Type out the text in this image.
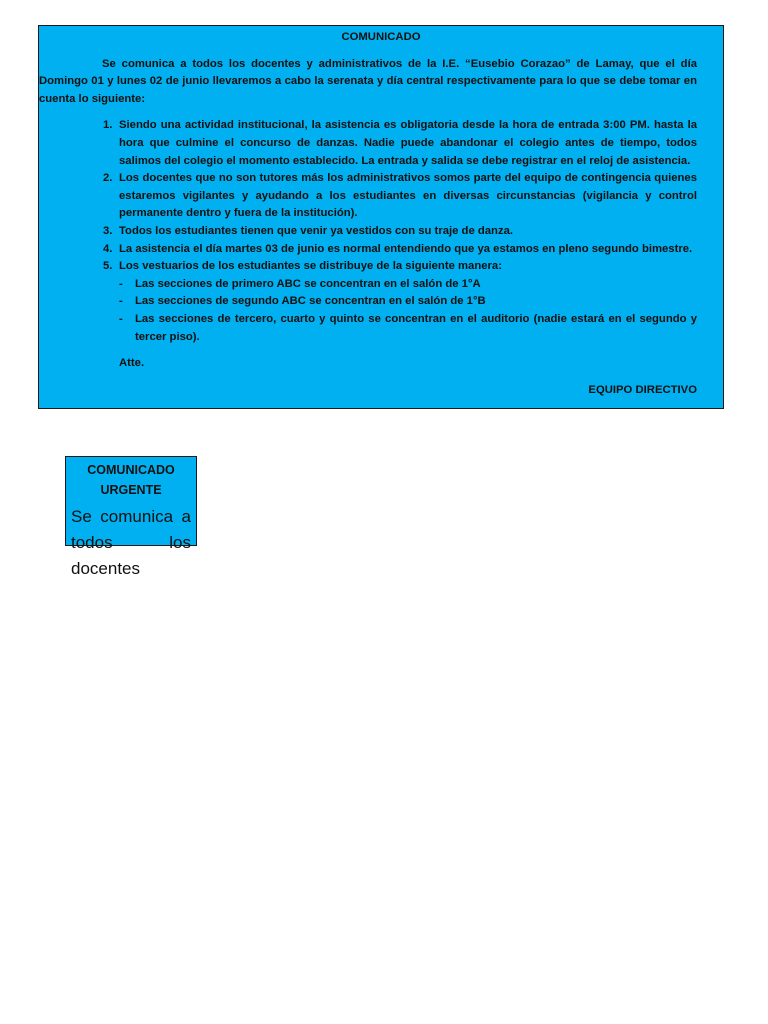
COMUNICADO

Se comunica a todos los docentes y administrativos de la I.E. “Eusebio Corazao” de Lamay, que el día Domingo 01 y lunes 02 de junio llevaremos a cabo la serenata y día central respectivamente para lo que se debe tomar en cuenta lo siguiente:

1. Siendo una actividad institucional, la asistencia es obligatoria desde la hora de entrada 3:00 PM. hasta la hora que culmine el concurso de danzas. Nadie puede abandonar el colegio antes de tiempo, todos salimos del colegio el momento establecido. La entrada y salida se debe registrar en el reloj de asistencia.
2. Los docentes que no son tutores más los administrativos somos parte del equipo de contingencia quienes estaremos vigilantes y ayudando a los estudiantes en diversas circunstancias (vigilancia y control permanente dentro y fuera de la institución).
3. Todos los estudiantes tienen que venir ya vestidos con su traje de danza.
4. La asistencia el día martes 03 de junio es normal entendiendo que ya estamos en pleno segundo bimestre.
5. Los vestuarios de los estudiantes se distribuye de la siguiente manera:
- Las secciones de primero ABC se concentran en el salón de 1°A
- Las secciones de segundo ABC se concentran en el salón de 1°B
- Las secciones de tercero, cuarto y quinto se concentran en el auditorio (nadie estará en el segundo y tercer piso).
Atte.
EQUIPO DIRECTIVO
COMUNICADO URGENTE

Se comunica a todos los docentes
